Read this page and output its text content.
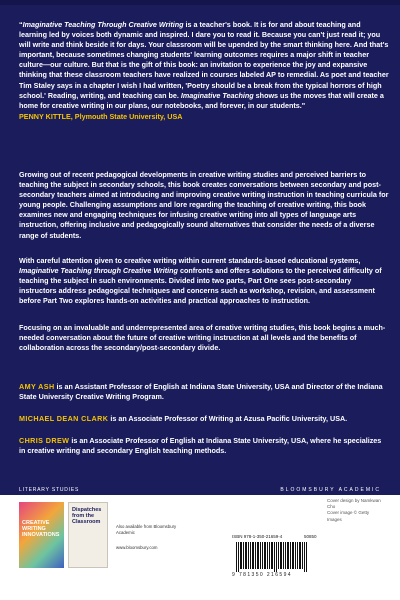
“Imaginative Teaching Through Creative Writing is a teacher's book. It is for and about teaching and learning led by voices both dynamic and inspired. I dare you to read it. Because you can't just read it; you will write and think beside it for days. Your classroom will be upended by the smart thinking here. And that's important, because sometimes changing students' learning outcomes requires a major shift in teacher culture—our culture. But that is the gift of this book: an invitation to experience the joy and expansive thinking that these classroom teachers have realized in courses labeled AP to remedial. As poet and teacher Tim Staley says in a chapter I wish I had written, 'Poetry should be a break from the typical horrors of high school.' Reading, writing, and teaching can be. Imaginative Teaching shows us the moves that will create a home for creative writing in our plans, our notebooks, and forever, in our students."
PENNY KITTLE, Plymouth State University, USA
Growing out of recent pedagogical developments in creative writing studies and perceived barriers to teaching the subject in secondary schools, this book creates conversations between secondary and post-secondary teachers aimed at introducing and improving creative writing instruction in teaching curricula for young people. Challenging assumptions and lore regarding the teaching of creative writing, this book examines new and engaging techniques for infusing creative writing into all types of language arts instruction, offering inclusive and pedagogically sound alternatives that consider the needs of a diverse range of students.
With careful attention given to creative writing within current standards-based educational systems, Imaginative Teaching through Creative Writing confronts and offers solutions to the perceived difficulty of teaching the subject in such environments. Divided into two parts, Part One sees post-secondary instructors address pedagogical techniques and concerns such as workshop, revision, and assessment before Part Two explores hands-on activities and practical approaches to instruction.
Focusing on an invaluable and underrepresented area of creative writing studies, this book begins a much-needed conversation about the future of creative writing instruction at all levels and the benefits of collaboration across the secondary/post-secondary divide.
AMY ASH is an Assistant Professor of English at Indiana State University, USA and Director of the Indiana State University Creative Writing Program.
MICHAEL DEAN CLARK is an Associate Professor of Writing at Azusa Pacific University, USA.
CHRIS DREW is an Associate Professor of English at Indiana State University, USA, where he specializes in creative writing and secondary English teaching methods.
LITERARY STUDIES	BLOOMSBURY ACADEMIC
CREATIVE WRITING INNOVATIONS
Dispatches from the Classroom
Also available from Bloomsbury Academic
www.bloomsbury.com
Cover design by Namkwan Cho
Cover image © Getty Images
ISBN 978-1-350-21659-4
9 781350 216594
50850
